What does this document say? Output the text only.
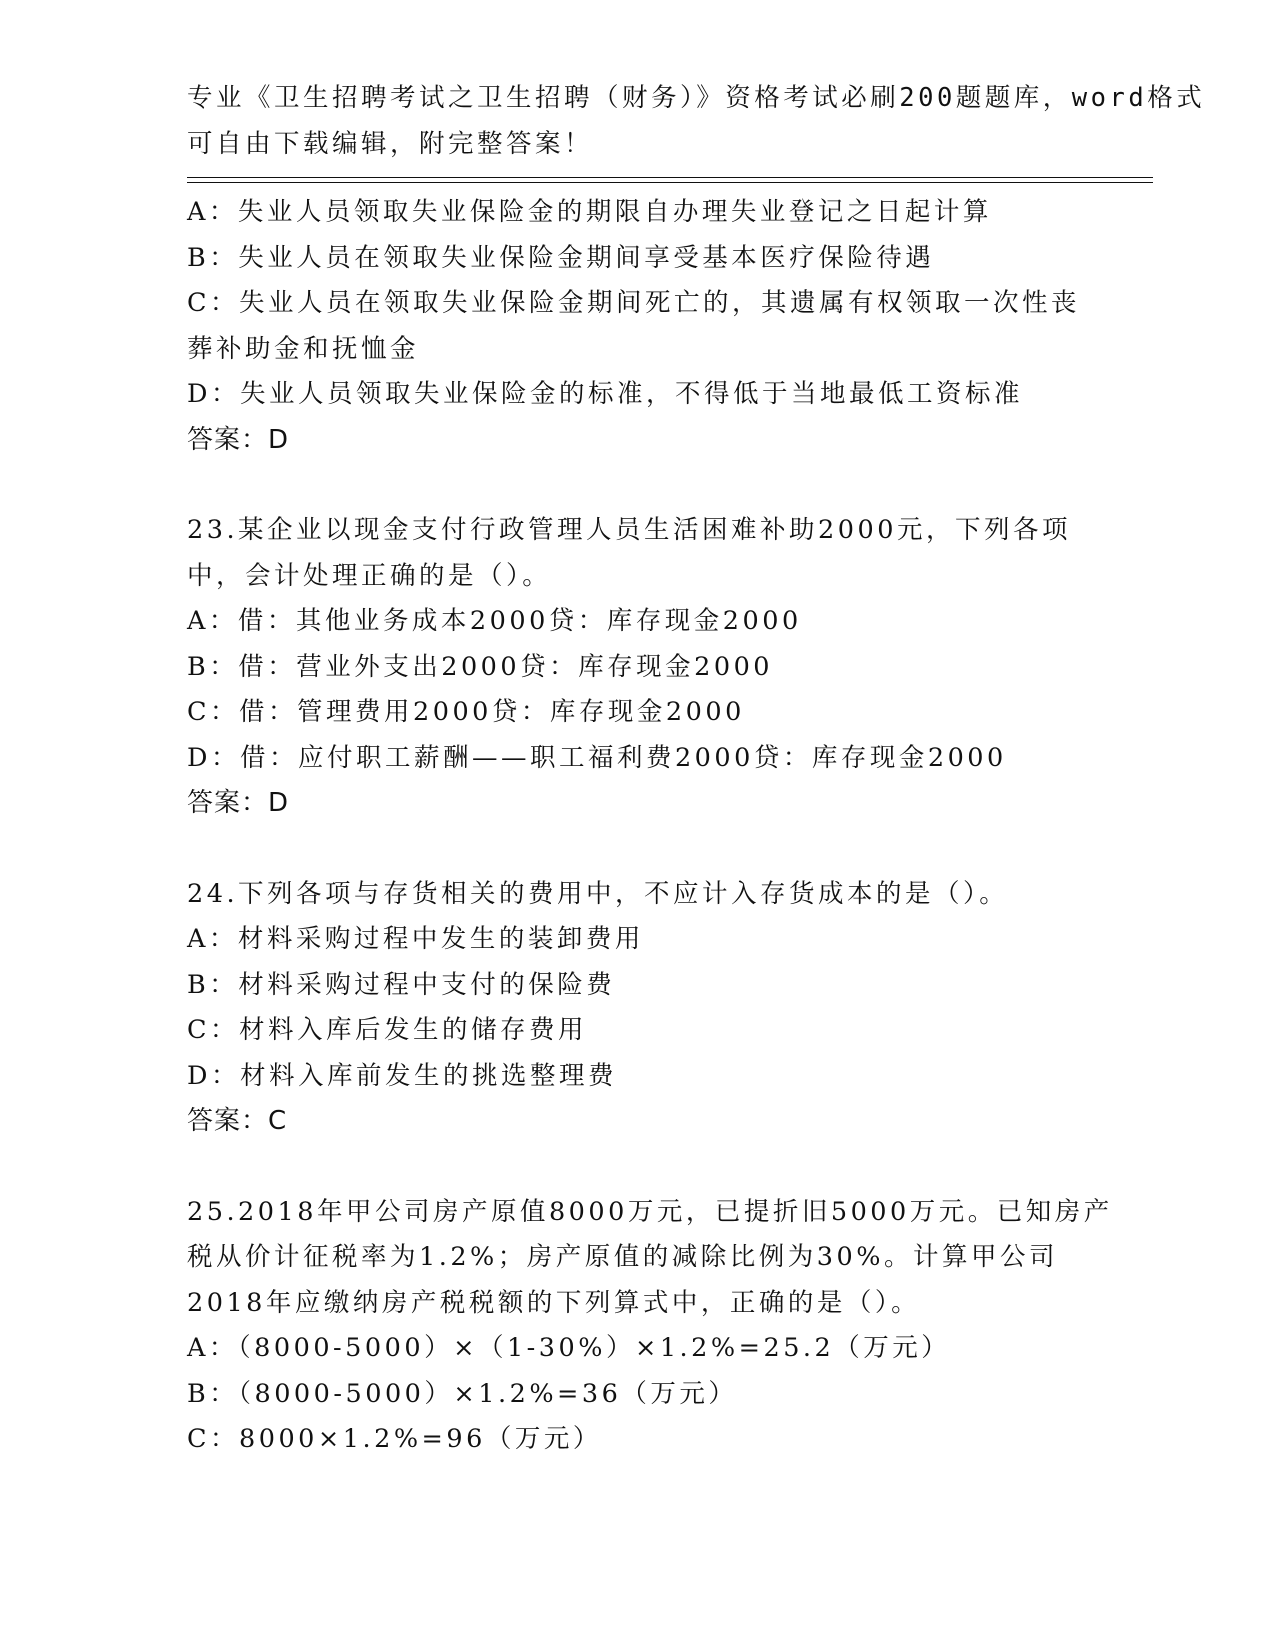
专业《卫生招聘考试之卫生招聘（财务）》资格考试必刷200题题库，word格式
可自由下载编辑，附完整答案！

A：失业人员领取失业保险金的期限自办理失业登记之日起计算

B：失业人员在领取失业保险金期间享受基本医疗保险待遇

C：失业人员在领取失业保险金期间死亡的，其遗属有权领取一次性丧

葬补助金和抚恤金

D：失业人员领取失业保险金的标准，不得低于当地最低工资标准

答案：D

23.某企业以现金支付行政管理人员生活困难补助2000元，下列各项

中，会计处理正确的是（）。

A：借：其他业务成本2000贷：库存现金2000

B：借：营业外支出2000贷：库存现金2000

C：借：管理费用2000贷：库存现金2000

D：借：应付职工薪酬——职工福利费2000贷：库存现金2000

答案：D

24.下列各项与存货相关的费用中，不应计入存货成本的是（）。

A：材料采购过程中发生的装卸费用

B：材料采购过程中支付的保险费

C：材料入库后发生的储存费用

D：材料入库前发生的挑选整理费

答案：C

25.2018年甲公司房产原值8000万元，已提折旧5000万元。已知房产

税从价计征税率为1.2%；房产原值的减除比例为30%。计算甲公司

2018年应缴纳房产税税额的下列算式中，正确的是（）。

A：（8000-5000）×（1-30%）×1.2%=25.2（万元）

B：（8000-5000）×1.2%=36（万元）

C：8000×1.2%=96（万元）
